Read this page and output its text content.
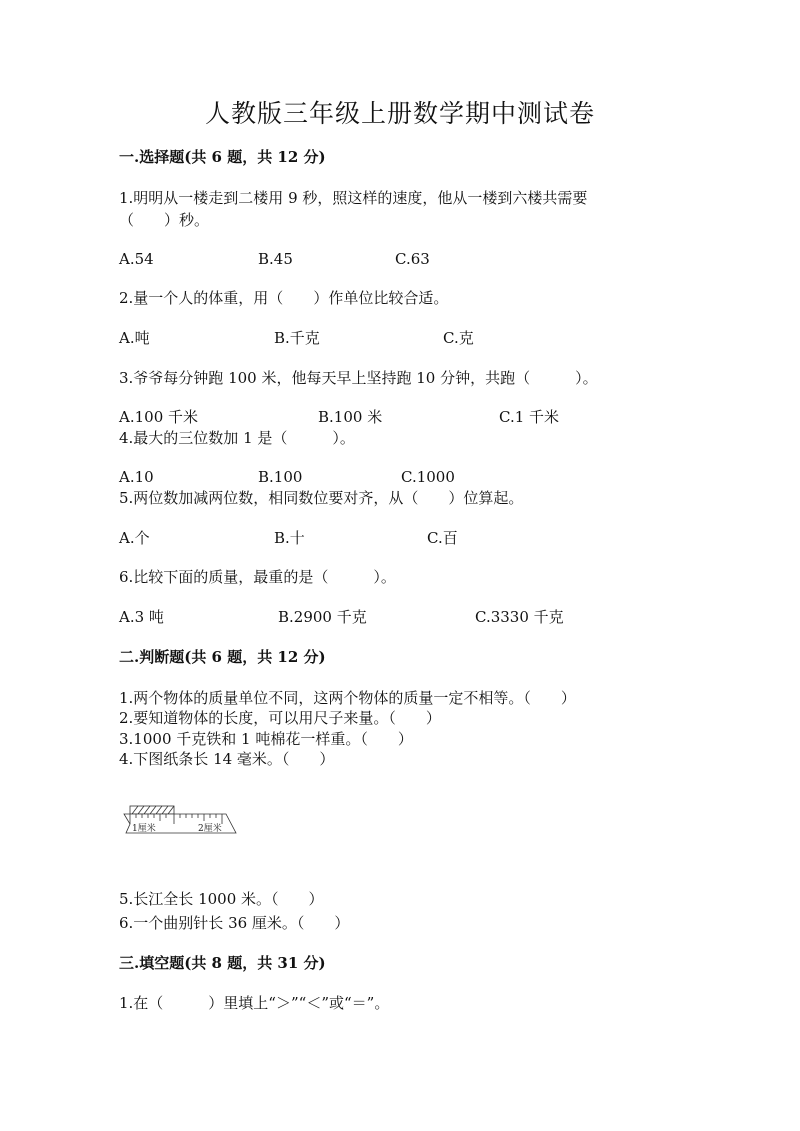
人教版三年级上册数学期中测试卷
一.选择题(共 6 题，共 12 分)
1.明明从一楼走到二楼用 9 秒，照这样的速度，他从一楼到六楼共需要
（　　）秒。
A.54	B.45	C.63
2.量一个人的体重，用（　　）作单位比较合适。
A.吨	B.千克	C.克
3.爷爷每分钟跑 100 米，他每天早上坚持跑 10 分钟，共跑（　　　）。
A.100 千米	B.100 米	C.1 千米
4.最大的三位数加 1 是（　　　）。
A.10	B.100	C.1000
5.两位数加减两位数，相同数位要对齐，从（　　）位算起。
A.个	B.十	C.百
6.比较下面的质量，最重的是（　　　）。
A.3 吨	B.2900 千克	C.3330 千克
二.判断题(共 6 题，共 12 分)
1.两个物体的质量单位不同，这两个物体的质量一定不相等。（　　）
2.要知道物体的长度，可以用尺子来量。（　　）
3.1000 千克铁和 1 吨棉花一样重。（　　）
4.下图纸条长 14 毫米。（　　）
1厘米	2厘米
5.长江全长 1000 米。（　　）
6.一个曲别针长 36 厘米。（　　）
三.填空题(共 8 题，共 31 分)
1.在（　　　）里填上“＞”“＜”或“＝”。
